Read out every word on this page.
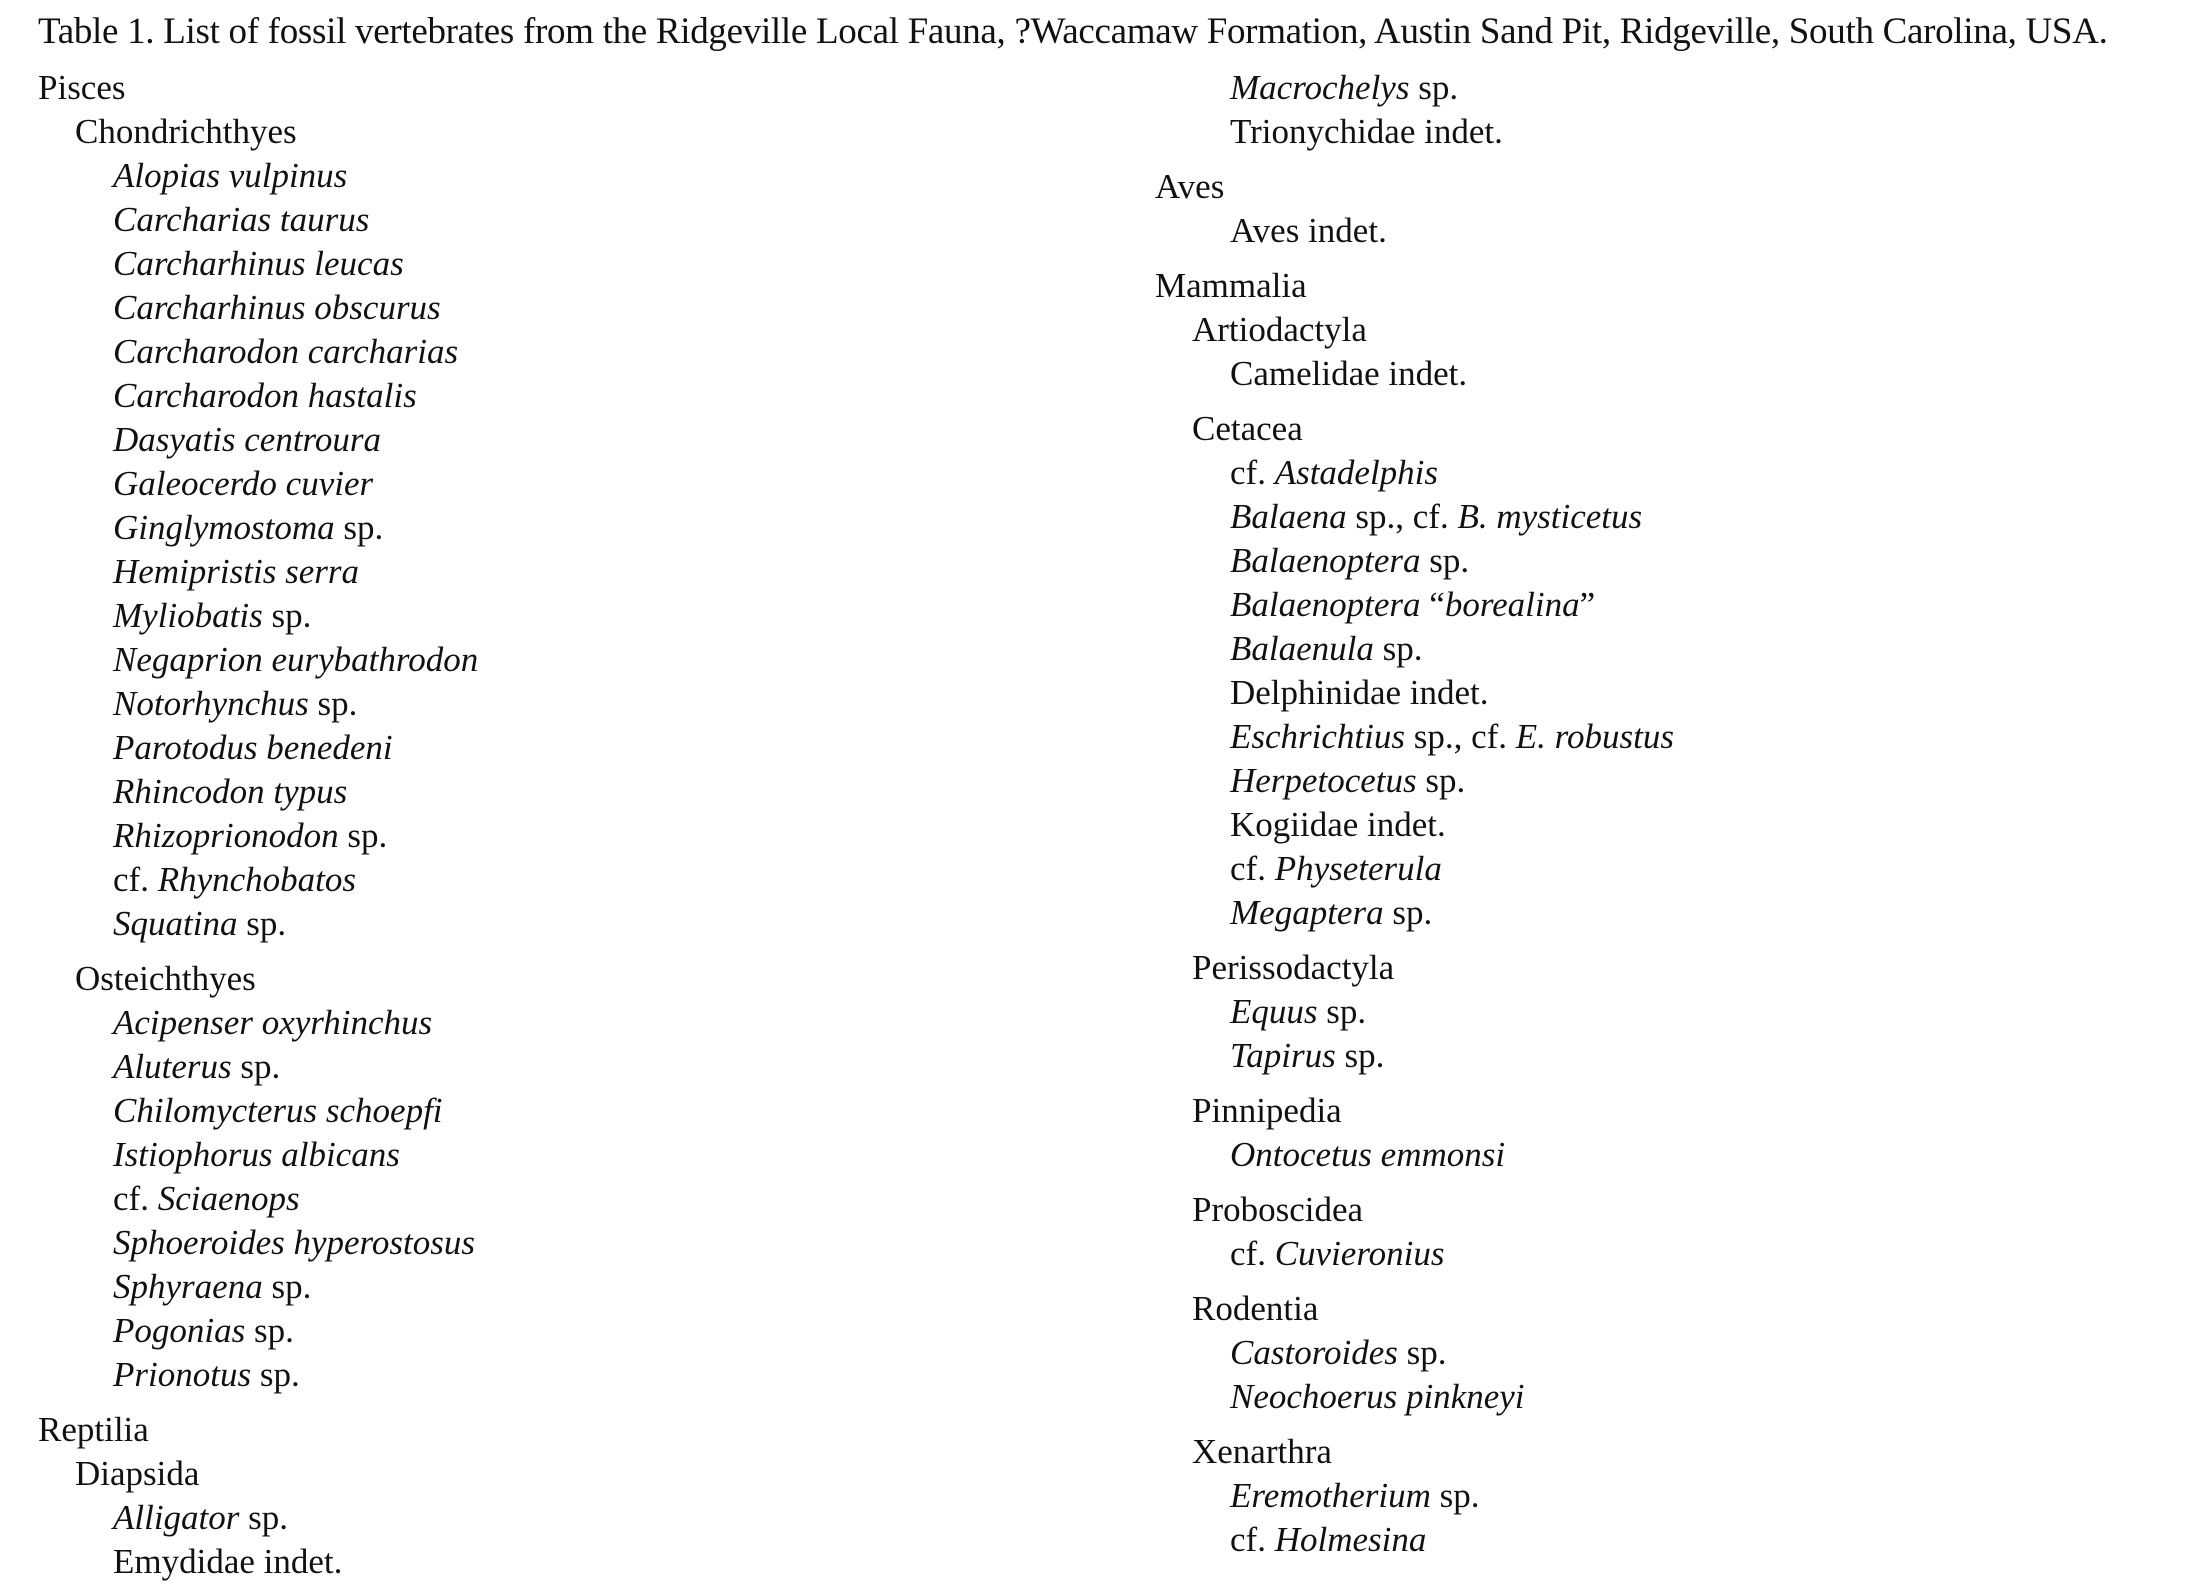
Table 1. List of fossil vertebrates from the Ridgeville Local Fauna, ?Waccamaw Formation, Austin Sand Pit, Ridgeville, South Carolina, USA.
Pisces
Chondrichthyes
Alopias vulpinus
Carcharias taurus
Carcharhinus leucas
Carcharhinus obscurus
Carcharodon carcharias
Carcharodon hastalis
Dasyatis centroura
Galeocerdo cuvier
Ginglymostoma sp.
Hemipristis serra
Myliobatis sp.
Negaprion eurybathrodon
Notorhynchus sp.
Parotodus benedeni
Rhincodon typus
Rhizoprionodon sp.
cf. Rhynchobatos
Squatina sp.
Osteichthyes
Acipenser oxyrhinchus
Aluterus sp.
Chilomycterus schoepfi
Istiophorus albicans
cf. Sciaenops
Sphoeroides hyperostosus
Sphyraena sp.
Pogonias sp.
Prionotus sp.
Reptilia
Diapsida
Alligator sp.
Emydidae indet.
Macrochelys sp.
Trionychidae indet.
Aves
Aves indet.
Mammalia
Artiodactyla
Camelidae indet.
Cetacea
cf. Astadelphis
Balaena sp., cf. B. mysticetus
Balaenoptera sp.
Balaenoptera “borealina”
Balaenula sp.
Delphinidae indet.
Eschrichtius sp., cf. E. robustus
Herpetocetus sp.
Kogiidae indet.
cf. Physeterula
Megaptera sp.
Perissodactyla
Equus sp.
Tapirus sp.
Pinnipedia
Ontocetus emmonsi
Proboscidea
cf. Cuvieronius
Rodentia
Castoroides sp.
Neochoerus pinkneyi
Xenarthra
Eremotherium sp.
cf. Holmesina
